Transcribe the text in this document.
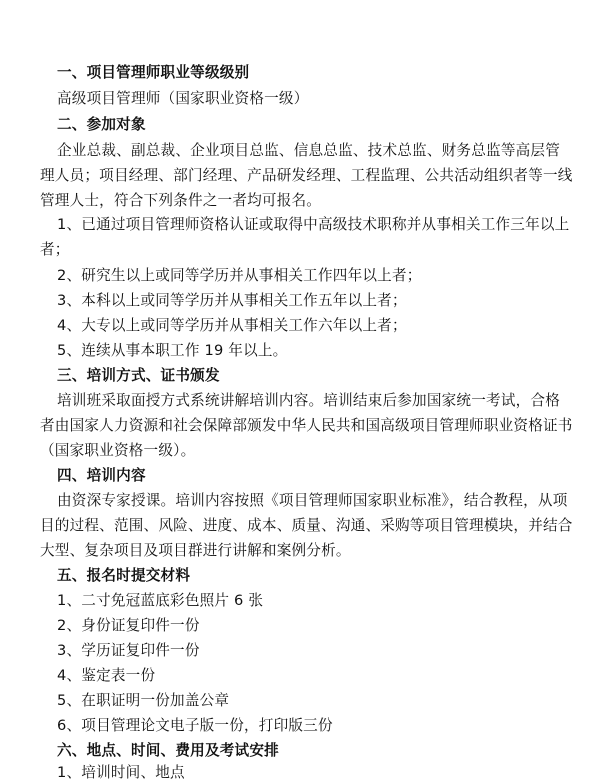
一、项目管理师职业等级级别
高级项目管理师（国家职业资格一级）
二、参加对象
企业总裁、副总裁、企业项目总监、信息总监、技术总监、财务总监等高层管
理人员；项目经理、部门经理、产品研发经理、工程监理、公共活动组织者等一线
管理人士，符合下列条件之一者均可报名。
1、已通过项目管理师资格认证或取得中高级技术职称并从事相关工作三年以上
者；
2、研究生以上或同等学历并从事相关工作四年以上者；
3、本科以上或同等学历并从事相关工作五年以上者；
4、大专以上或同等学历并从事相关工作六年以上者；
5、连续从事本职工作 19 年以上。
三、培训方式、证书颁发
培训班采取面授方式系统讲解培训内容。培训结束后参加国家统一考试，合格
者由国家人力资源和社会保障部颁发中华人民共和国高级项目管理师职业资格证书
（国家职业资格一级）。
四、培训内容
由资深专家授课。培训内容按照《项目管理师国家职业标准》，结合教程，从项
目的过程、范围、风险、进度、成本、质量、沟通、采购等项目管理模块，并结合
大型、复杂项目及项目群进行讲解和案例分析。
五、报名时提交材料
1、二寸免冠蓝底彩色照片 6 张
2、身份证复印件一份
3、学历证复印件一份
4、鉴定表一份
5、在职证明一份加盖公章
6、项目管理论文电子版一份，打印版三份
六、地点、时间、费用及考试安排
1、培训时间、地点
